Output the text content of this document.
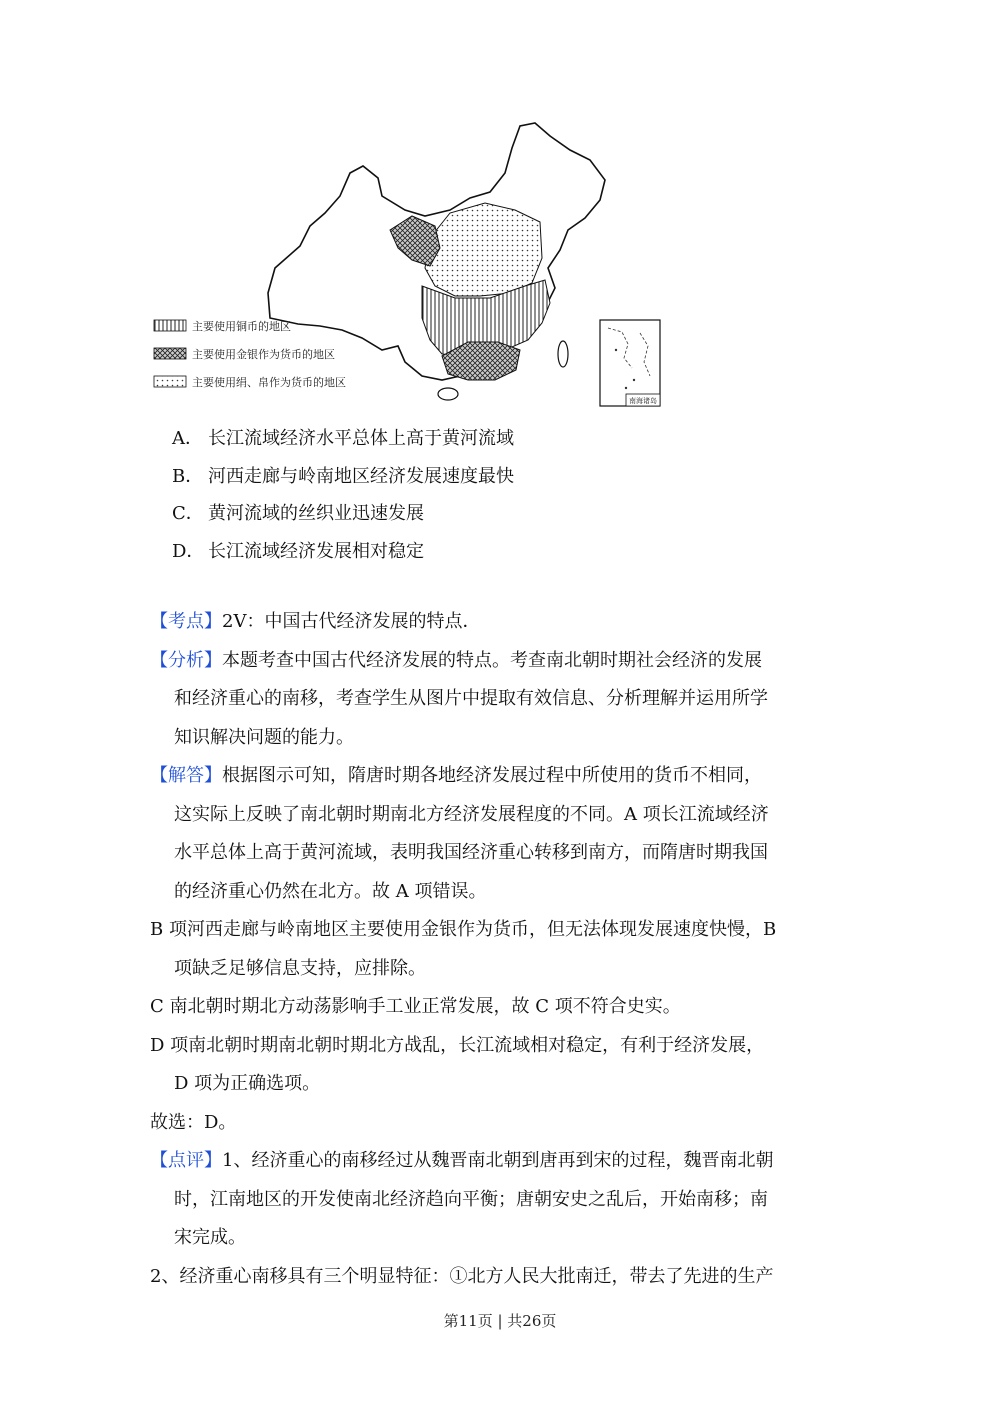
主要使用铜币的地区
主要使用金银作为货币的地区
主要使用绢、帛作为货币的地区
南海诸岛
A． 长江流域经济水平总体上高于黄河流域
B． 河西走廊与岭南地区经济发展速度最快
C． 黄河流域的丝织业迅速发展
D． 长江流域经济发展相对稳定

【考点】2V：中国古代经济发展的特点．

【分析】本题考查中国古代经济发展的特点。考查南北朝时期社会经济的发展
和经济重心的南移，考查学生从图片中提取有效信息、分析理解并运用所学
知识解决问题的能力。
【解答】根据图示可知，隋唐时期各地经济发展过程中所使用的货币不相同，
这实际上反映了南北朝时期南北方经济发展程度的不同。A 项长江流域经济
水平总体上高于黄河流域，表明我国经济重心转移到南方，而隋唐时期我国
的经济重心仍然在北方。故 A 项错误。
B 项河西走廊与岭南地区主要使用金银作为货币，但无法体现发展速度快慢，B
项缺乏足够信息支持，应排除。
C 南北朝时期北方动荡影响手工业正常发展，故 C 项不符合史实。
D 项南北朝时期南北朝时期北方战乱，长江流域相对稳定，有利于经济发展，
D 项为正确选项。
故选：D。
【点评】1、经济重心的南移经过从魏晋南北朝到唐再到宋的过程，魏晋南北朝
时，江南地区的开发使南北经济趋向平衡；唐朝安史之乱后，开始南移；南
宋完成。
2、经济重心南移具有三个明显特征：①北方人民大批南迁，带去了先进的生产
第11页 | 共26页
